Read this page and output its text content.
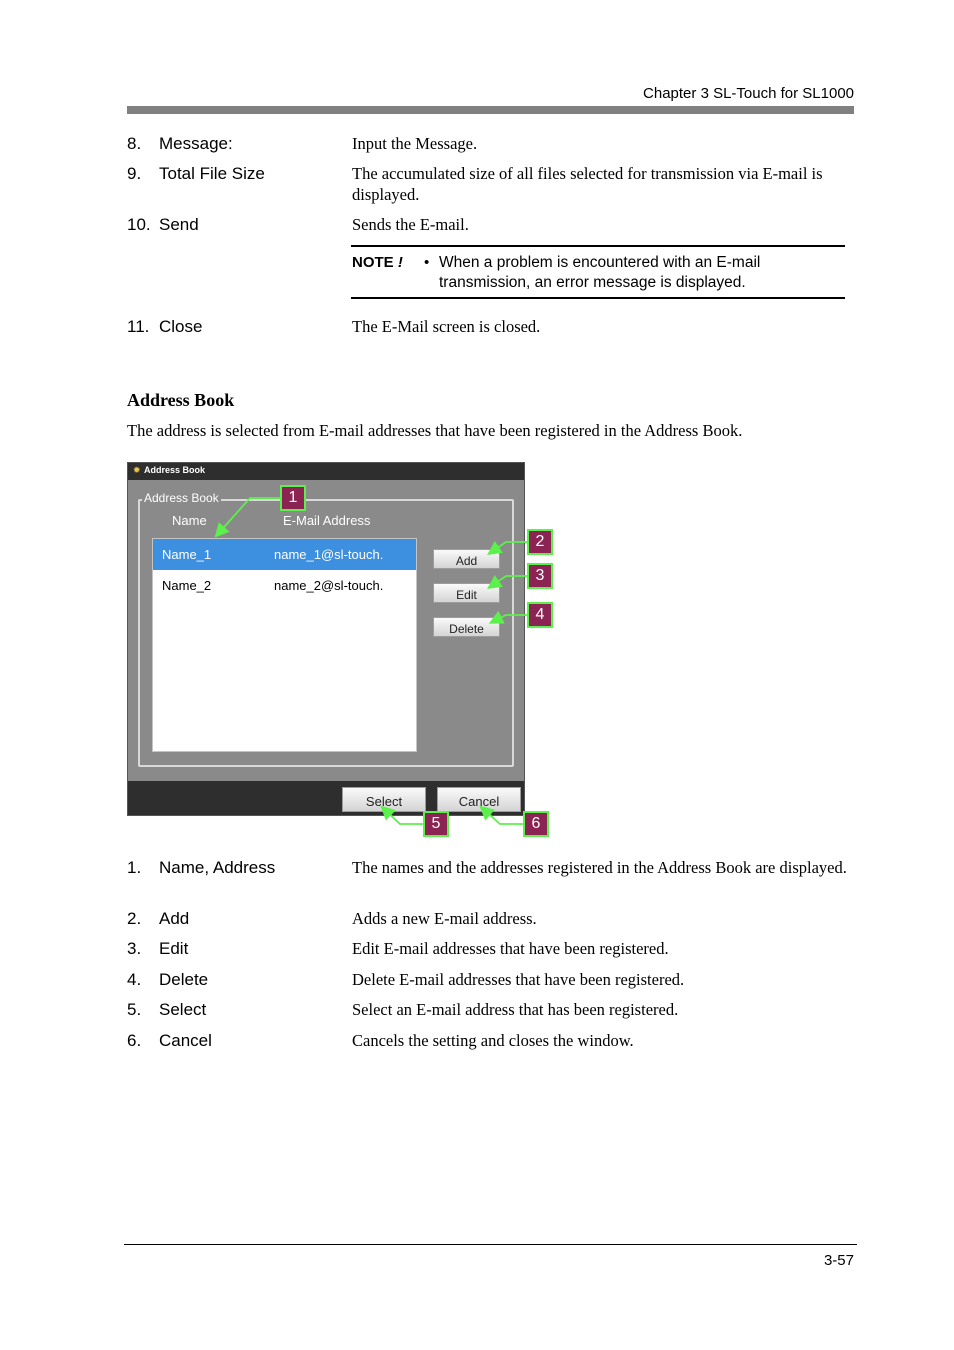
Chapter 3 SL-Touch for SL1000
8. Message:	Input the Message.
9. Total File Size	The accumulated size of all files selected for transmission via E-mail is displayed.
10. Send	Sends the E-mail.
NOTE ! • When a problem is encountered with an E-mail transmission, an error message is displayed.
11. Close	The E-Mail screen is closed.
Address Book
The address is selected from E-mail addresses that have been registered in the Address Book.
✹ Address Book
Address Book
Name	E-Mail Address
Name_1	name_1@sl-touch.
Name_2	name_2@sl-touch.
Add
Edit
Delete
Select	Cancel
1
2
3
4
5	6
1. Name, Address	The names and the addresses registered in the Address Book are displayed.
2. Add	Adds a new E-mail address.
3. Edit	Edit E-mail addresses that have been registered.
4. Delete	Delete E-mail addresses that have been registered.
5. Select	Select an E-mail address that has been registered.
6. Cancel	Cancels the setting and closes the window.
3-57
